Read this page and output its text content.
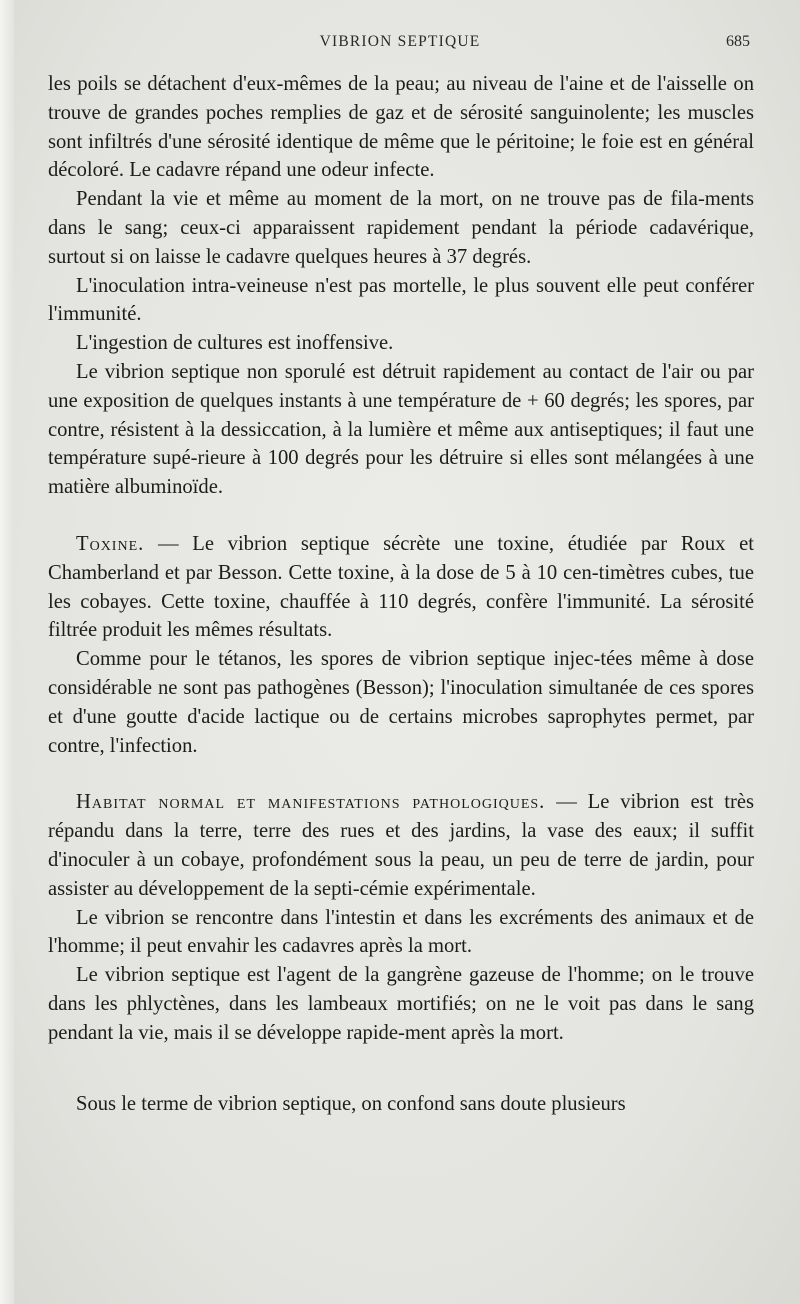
VIBRION SEPTIQUE	685

les poils se détachent d'eux-mêmes de la peau; au niveau de l'aine et de l'aisselle on trouve de grandes poches remplies de gaz et de sérosité sanguinolente; les muscles sont infiltrés d'une sérosité identique de même que le péritoine; le foie est en général décoloré. Le cadavre répand une odeur infecte.

Pendant la vie et même au moment de la mort, on ne trouve pas de fila-ments dans le sang; ceux-ci apparaissent rapidement pendant la période cadavérique, surtout si on laisse le cadavre quelques heures à 37 degrés.

L'inoculation intra-veineuse n'est pas mortelle, le plus souvent elle peut conférer l'immunité.

L'ingestion de cultures est inoffensive.

Le vibrion septique non sporulé est détruit rapidement au contact de l'air ou par une exposition de quelques instants à une température de + 60 degrés; les spores, par contre, résistent à la dessiccation, à la lumière et même aux antiseptiques; il faut une température supé-rieure à 100 degrés pour les détruire si elles sont mélangées à une matière albuminoïde.

Toxine. — Le vibrion septique sécrète une toxine, étudiée par Roux et Chamberland et par Besson. Cette toxine, à la dose de 5 à 10 cen-timètres cubes, tue les cobayes. Cette toxine, chauffée à 110 degrés, confère l'immunité. La sérosité filtrée produit les mêmes résultats.

Comme pour le tétanos, les spores de vibrion septique injec-tées même à dose considérable ne sont pas pathogènes (Besson); l'inoculation simultanée de ces spores et d'une goutte d'acide lactique ou de certains microbes saprophytes permet, par contre, l'infection.

Habitat normal et manifestations pathologiques. — Le vibrion est très répandu dans la terre, terre des rues et des jardins, la vase des eaux; il suffit d'inoculer à un cobaye, profondément sous la peau, un peu de terre de jardin, pour assister au développement de la septi-cémie expérimentale.

Le vibrion se rencontre dans l'intestin et dans les excréments des animaux et de l'homme; il peut envahir les cadavres après la mort.

Le vibrion septique est l'agent de la gangrène gazeuse de l'homme; on le trouve dans les phlyctènes, dans les lambeaux mortifiés; on ne le voit pas dans le sang pendant la vie, mais il se développe rapide-ment après la mort.

Sous le terme de vibrion septique, on confond sans doute plusieurs
